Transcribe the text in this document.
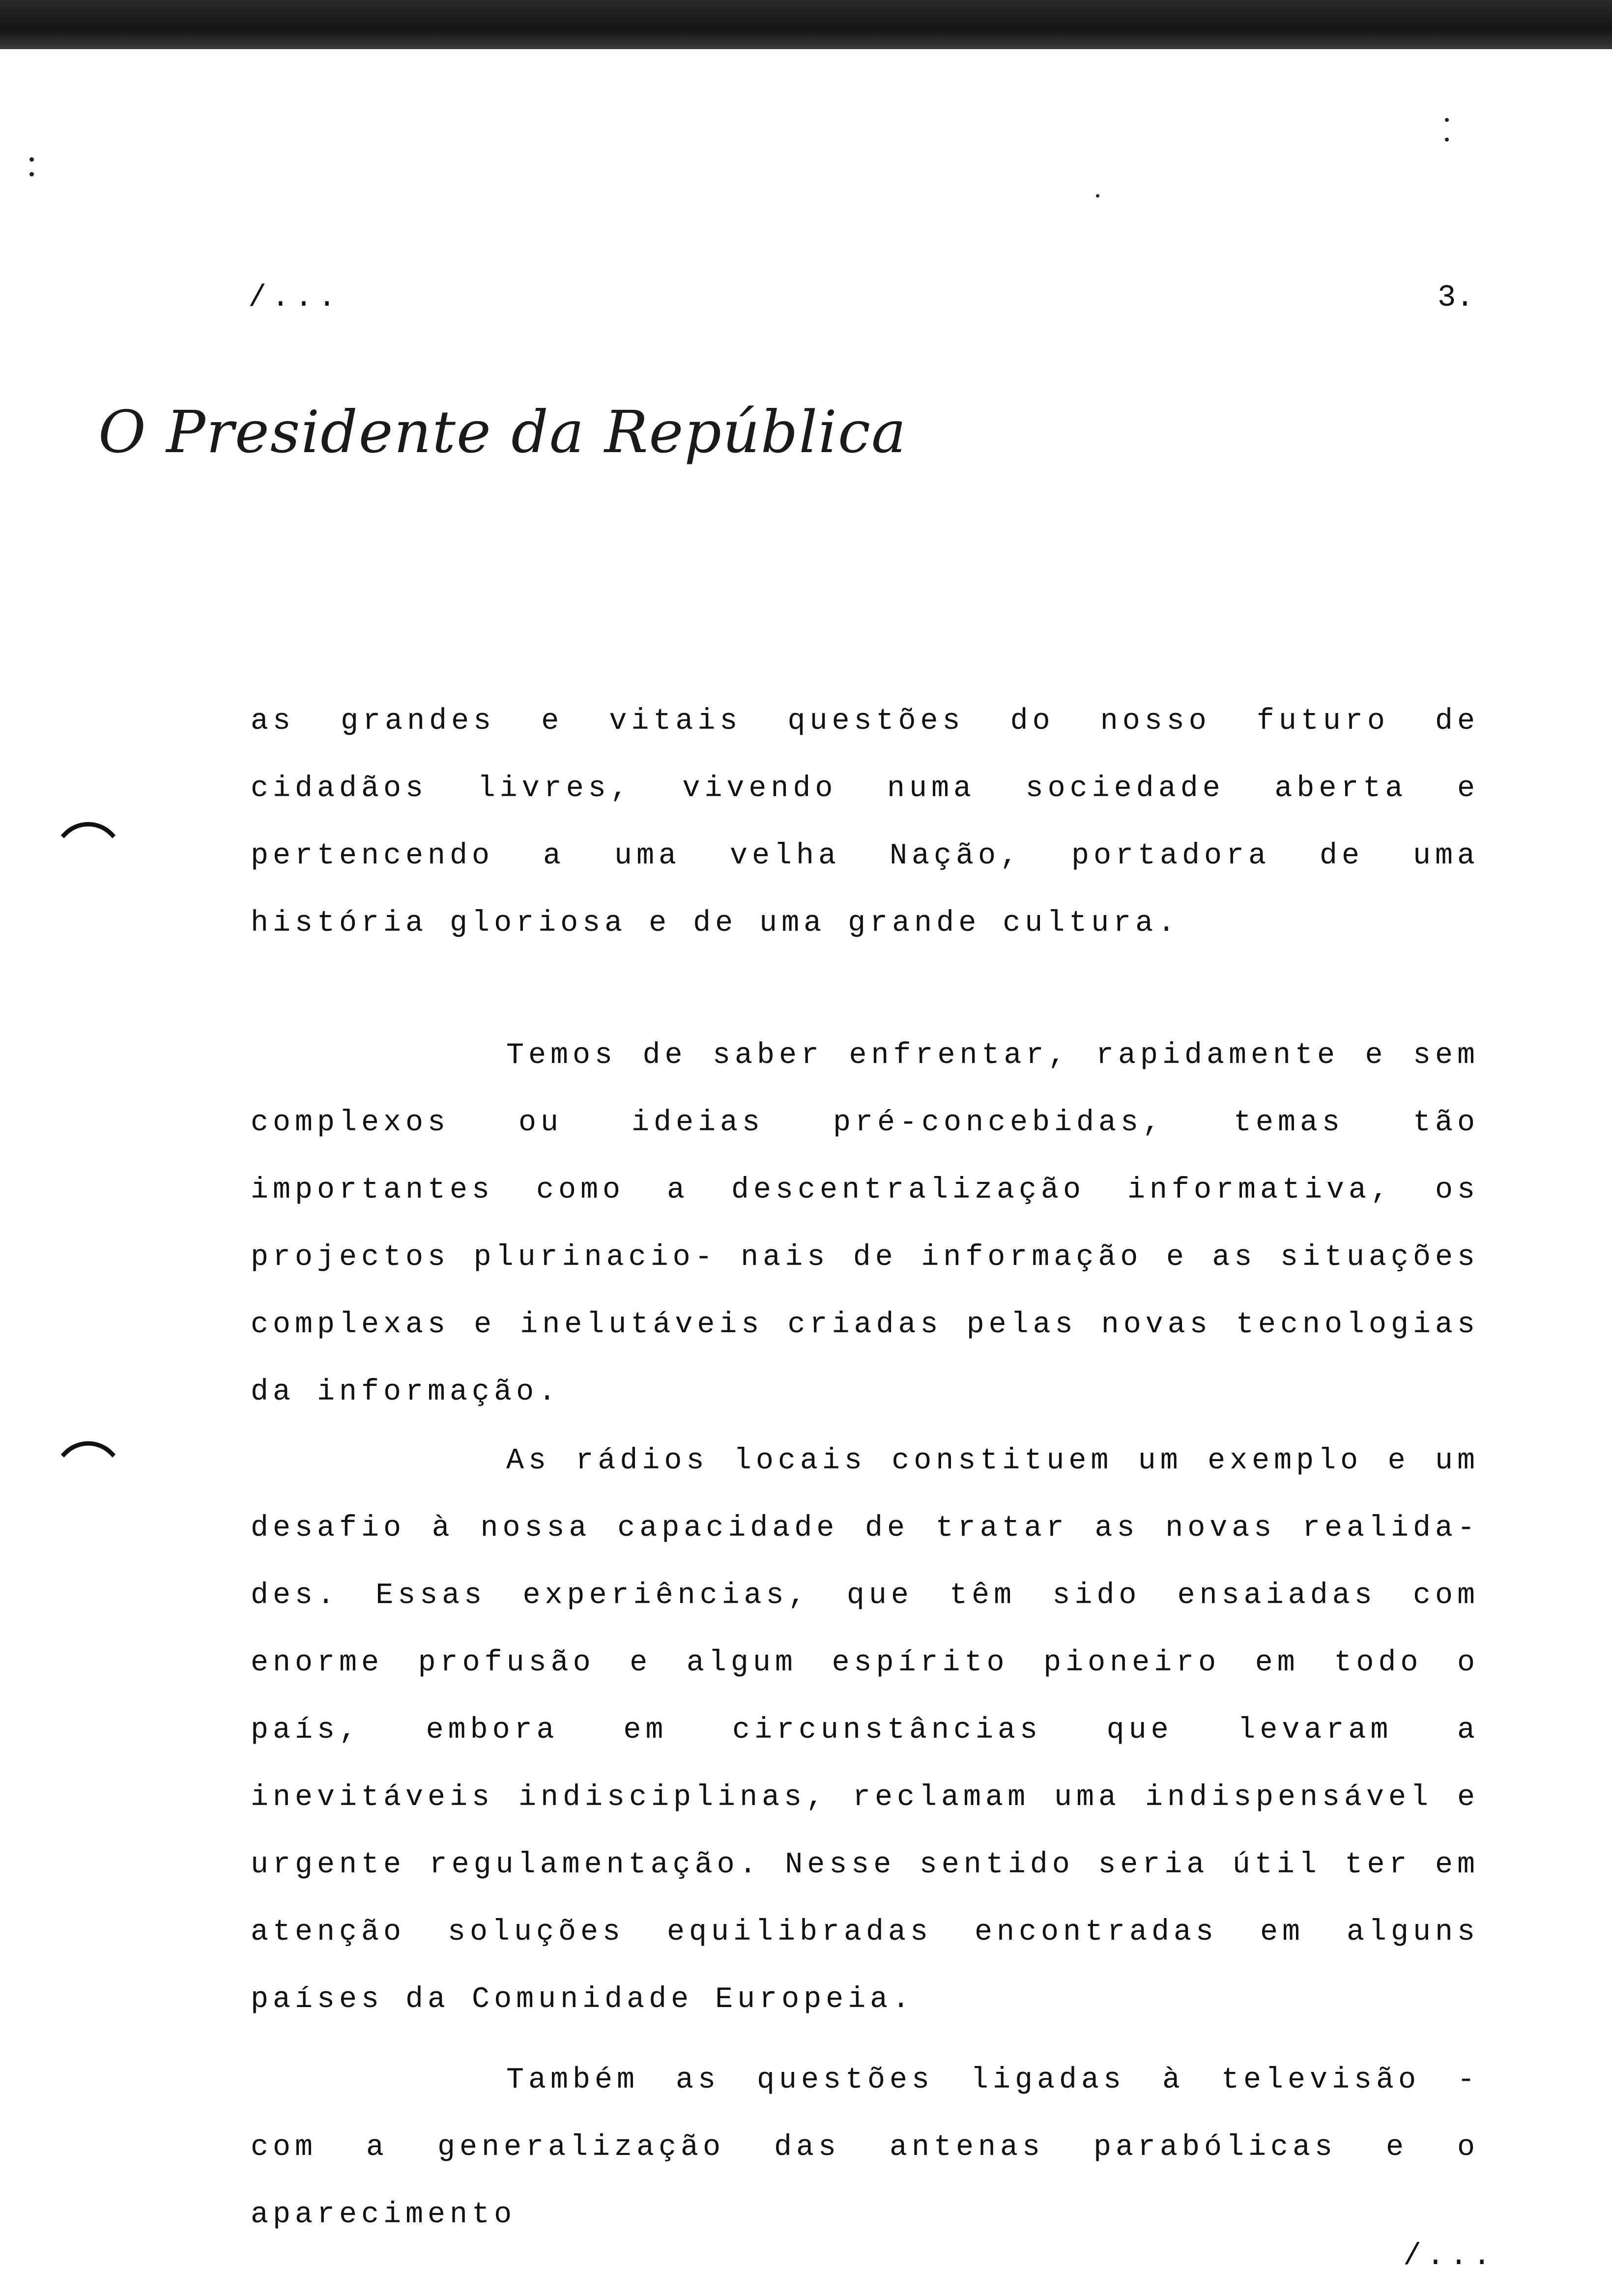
/...	3.
O Presidente da República

as grandes e vitais questões do nosso futuro de cidadãos livres, vivendo numa sociedade aberta e pertencendo a uma velha Nação, portadora de uma história gloriosa e de uma grande cultura.

Temos de saber enfrentar, rapidamente e sem complexos ou ideias pré-concebidas, temas tão importantes como a descentralização informativa, os projectos plurinacio- nais de informação e as situações complexas e inelutáveis criadas pelas novas tecnologias da informação.

As rádios locais constituem um exemplo e um desafio à nossa capacidade de tratar as novas realida- des. Essas experiências, que têm sido ensaiadas com enorme profusão e algum espírito pioneiro em todo o país, embora em circunstâncias que levaram a inevitáveis indisciplinas, reclamam uma indispensável e urgente regulamentação. Nesse sentido seria útil ter em atenção soluções equilibradas encontradas em alguns países da Comunidade Europeia.

Também as questões ligadas à televisão - com a generalização das antenas parabólicas e o aparecimento

/...
